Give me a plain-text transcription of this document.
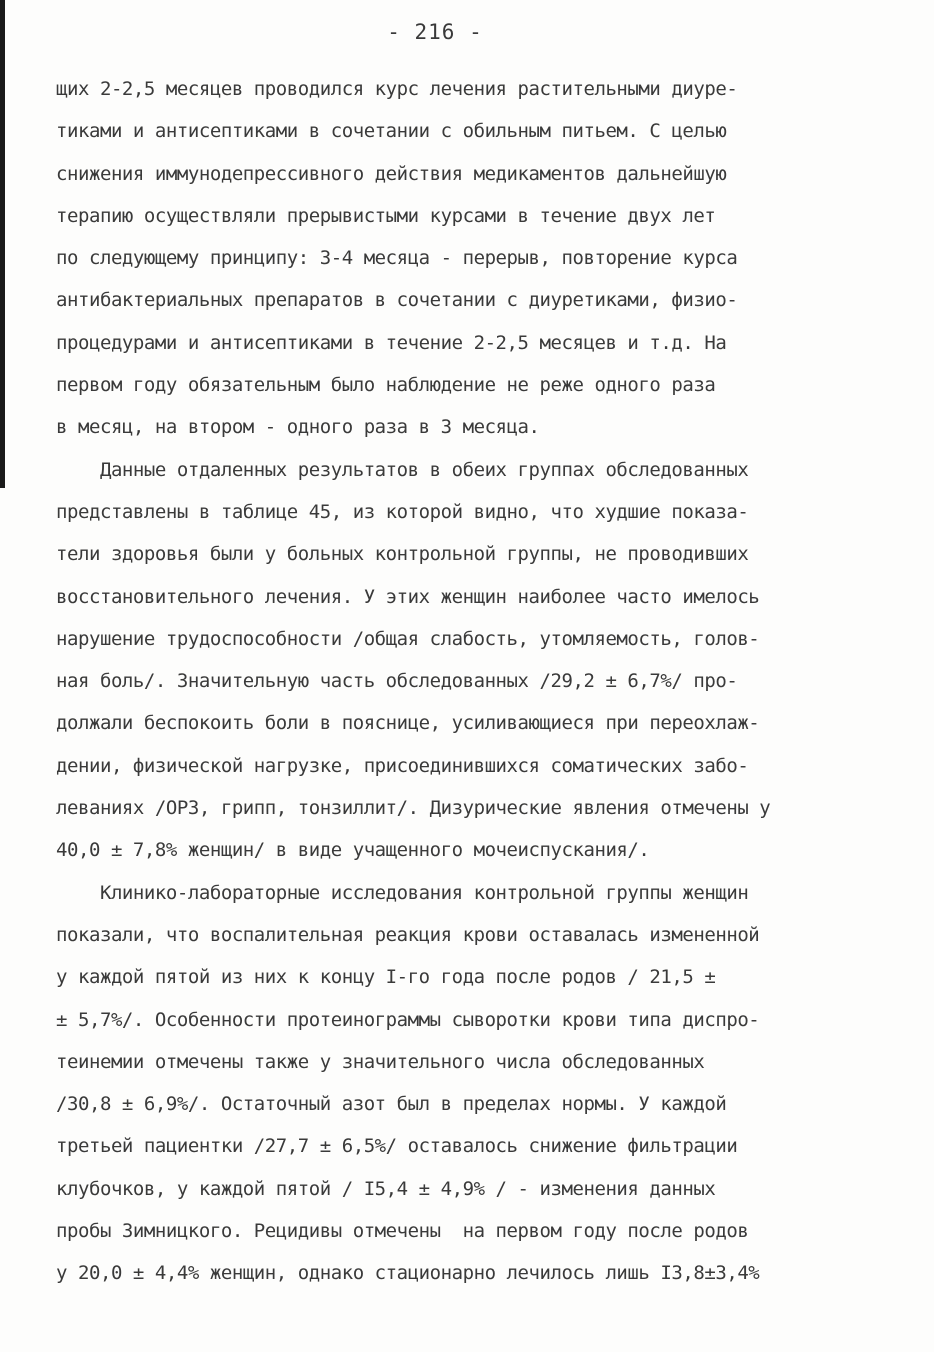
- 216 -
щих 2-2,5 месяцев проводился курс лечения растительными диуре-
тиками и антисептиками в сочетании с обильным питьем. С целью
снижения иммунодепрессивного действия медикаментов дальнейшую
терапию осуществляли прерывистыми курсами в течение двух лет
по следующему принципу: 3-4 месяца - перерыв, повторение курса
антибактериальных препаратов в сочетании с диуретиками, физио-
процедурами и антисептиками в течение 2-2,5 месяцев и т.д. На
первом году обязательным было наблюдение не реже одного раза
в месяц, на втором - одного раза в 3 месяца.
Данные отдаленных результатов в обеих группах обследованных
представлены в таблице 45, из которой видно, что худшие показа-
тели здоровья были у больных контрольной группы, не проводивших
восстановительного лечения. У этих женщин наиболее часто имелось
нарушение трудоспособности /общая слабость, утомляемость, голов-
ная боль/. Значительную часть обследованных /29,2 ± 6,7%/ про-
должали беспокоить боли в пояснице, усиливающиеся при переохлаж-
дении, физической нагрузке, присоединившихся соматических забо-
леваниях /ОРЗ, грипп, тонзиллит/. Дизурические явления отмечены у
40,0 ± 7,8% женщин/ в виде учащенного мочеиспускания/.
Клинико-лабораторные исследования контрольной группы женщин
показали, что воспалительная реакция крови оставалась измененной
у каждой пятой из них к концу I-го года после родов / 21,5 ±
± 5,7%/. Особенности протеинограммы сыворотки крови типа диспро-
теинемии отмечены также у значительного числа обследованных
/30,8 ± 6,9%/. Остаточный азот был в пределах нормы. У каждой
третьей пациентки /27,7 ± 6,5%/ оставалось снижение фильтрации
клубочков, у каждой пятой / I5,4 ± 4,9% / - изменения данных
пробы Зимницкого. Рецидивы отмечены  на первом году после родов
у 20,0 ± 4,4% женщин, однако стационарно лечилось лишь I3,8±3,4%
